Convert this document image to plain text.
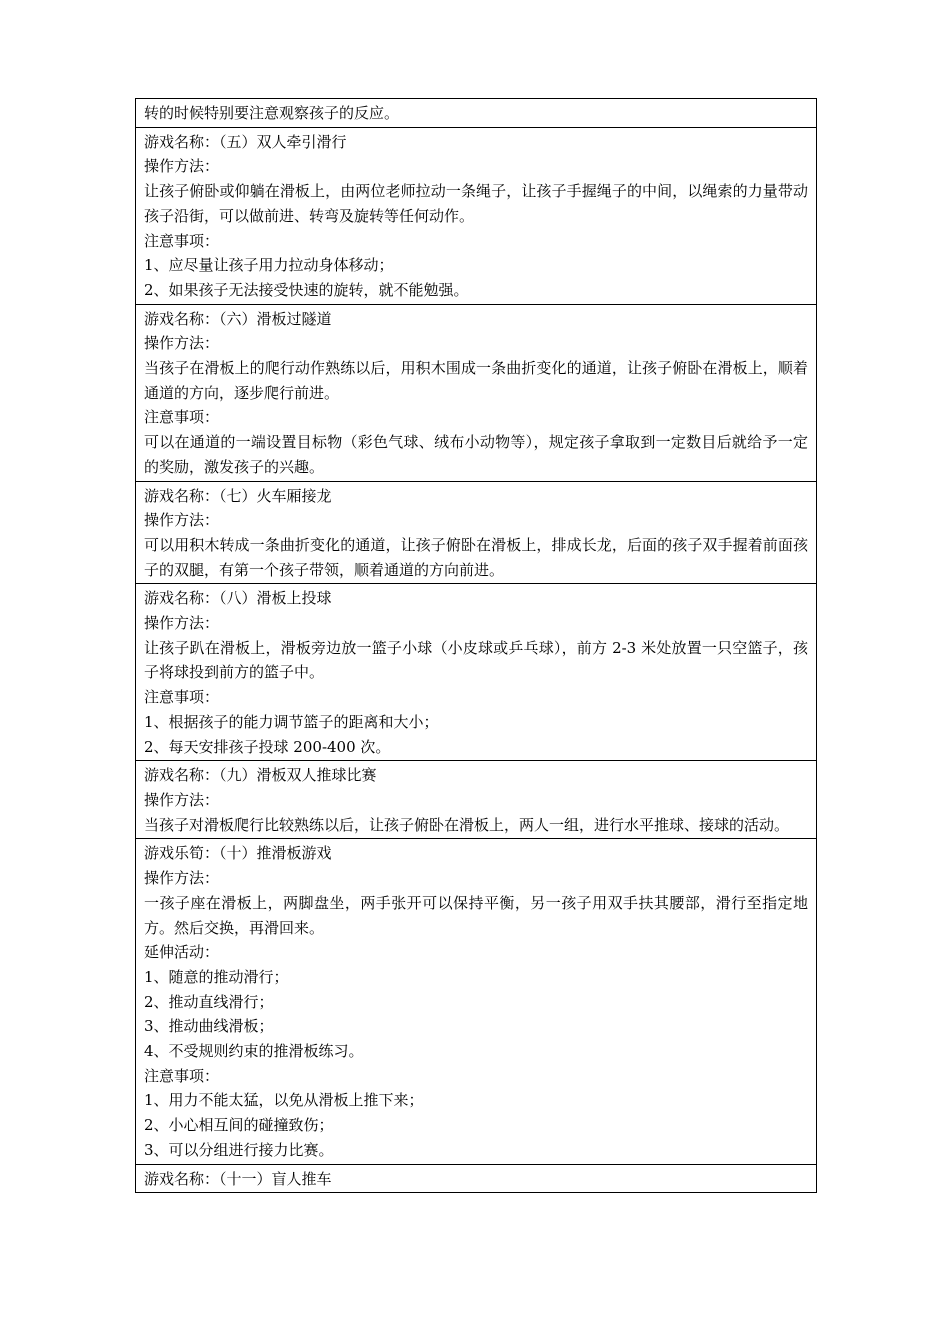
转的时候特别要注意观察孩子的反应。

游戏名称：（五）双人牵引滑行
操作方法：
让孩子俯卧或仰躺在滑板上，由两位老师拉动一条绳子，让孩子手握绳子的中间，以绳索的力量带动孩子沿街，可以做前进、转弯及旋转等任何动作。
注意事项：
1、应尽量让孩子用力拉动身体移动；
2、如果孩子无法接受快速的旋转，就不能勉强。

游戏名称：（六）滑板过隧道
操作方法：
当孩子在滑板上的爬行动作熟练以后，用积木围成一条曲折变化的通道，让孩子俯卧在滑板上，顺着通道的方向，逐步爬行前进。
注意事项：
可以在通道的一端设置目标物（彩色气球、绒布小动物等），规定孩子拿取到一定数目后就给予一定的奖励，激发孩子的兴趣。

游戏名称：（七）火车厢接龙
操作方法：
可以用积木转成一条曲折变化的通道，让孩子俯卧在滑板上，排成长龙，后面的孩子双手握着前面孩子的双腿，有第一个孩子带领，顺着通道的方向前进。

游戏名称：（八）滑板上投球
操作方法：
让孩子趴在滑板上，滑板旁边放一篮子小球（小皮球或乒乓球），前方 2-3 米处放置一只空篮子，孩子将球投到前方的篮子中。
注意事项：
1、根据孩子的能力调节篮子的距离和大小；
2、每天安排孩子投球 200-400 次。

游戏名称：（九）滑板双人推球比赛
操作方法：
当孩子对滑板爬行比较熟练以后，让孩子俯卧在滑板上，两人一组，进行水平推球、接球的活动。

游戏乐筍：（十）推滑板游戏
操作方法：
一孩子座在滑板上，两脚盘坐，两手张开可以保持平衡，另一孩子用双手扶其腰部，滑行至指定地方。然后交换，再滑回来。
延伸活动：
1、随意的推动滑行；
2、推动直线滑行；
3、推动曲线滑板；
4、不受规则约束的推滑板练习。
注意事项：
1、用力不能太猛，以免从滑板上推下来；
2、小心相互间的碰撞致伤；
3、可以分组进行接力比赛。

游戏名称：（十一）盲人推车
